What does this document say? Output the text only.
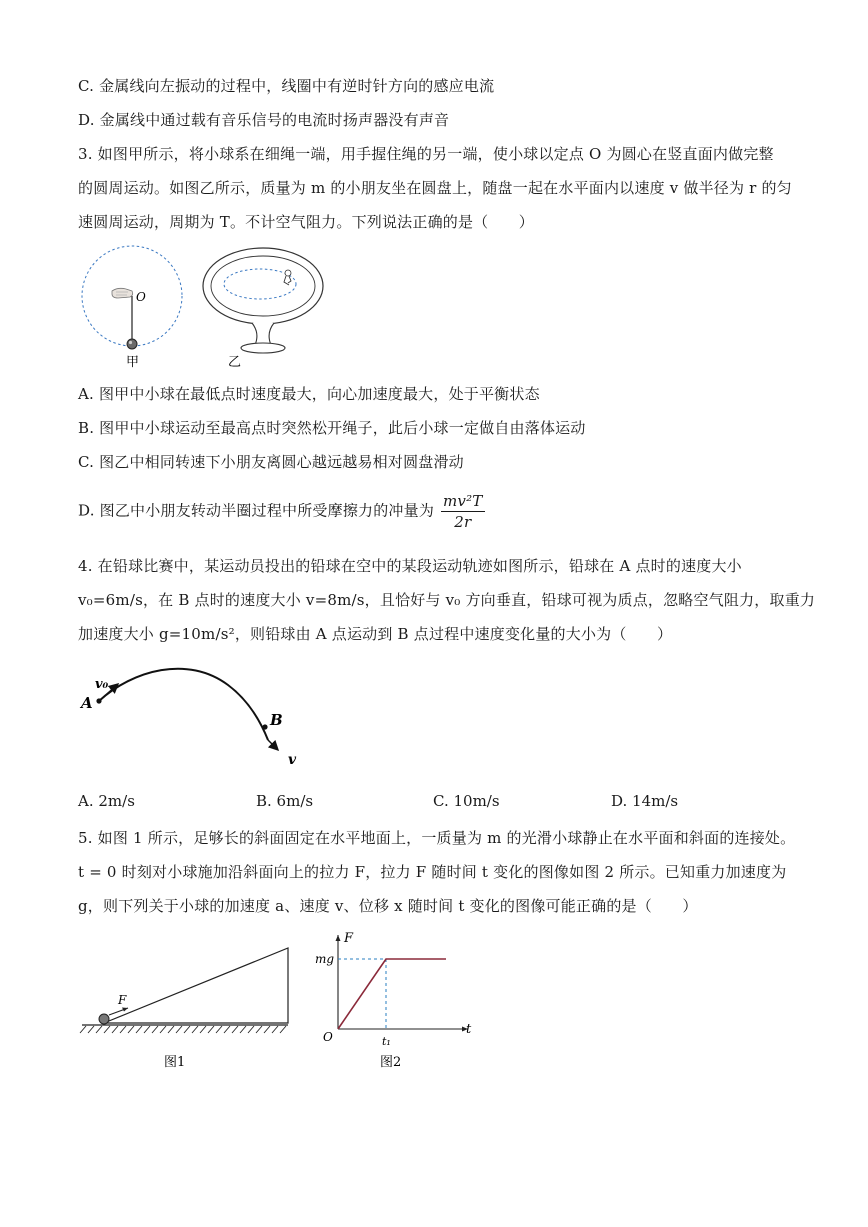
C. 金属线向左振动的过程中，线圈中有逆时针方向的感应电流
D. 金属线中通过载有音乐信号的电流时扬声器没有声音
3. 如图甲所示，将小球系在细绳一端，用手握住绳的另一端，使小球以定点 O 为圆心在竖直面内做完整
的圆周运动。如图乙所示，质量为 m 的小朋友坐在圆盘上，随盘一起在水平面内以速度 v 做半径为 r 的匀
速圆周运动，周期为 T。不计空气阻力。下列说法正确的是（　　）
O
甲	乙
A. 图甲中小球在最低点时速度最大，向心加速度最大，处于平衡状态
B. 图甲中小球运动至最高点时突然松开绳子，此后小球一定做自由落体运动
C. 图乙中相同转速下小朋友离圆心越远越易相对圆盘滑动
D. 图乙中小朋友转动半圈过程中所受摩擦力的冲量为 $\frac{\text{mv²T}}{2r}$
4. 在铅球比赛中，某运动员投出的铅球在空中的某段运动轨迹如图所示，铅球在 A 点时的速度大小
v₀=6m/s，在 B 点时的速度大小 v=8m/s，且恰好与 v₀ 方向垂直，铅球可视为质点，忽略空气阻力，取重力
加速度大小 g=10m/s²，则铅球由 A 点运动到 B 点过程中速度变化量的大小为（　　）
A
B
v₀
v
A. 2m/s	B. 6m/s	C. 10m/s	D. 14m/s
5. 如图 1 所示，足够长的斜面固定在水平地面上，一质量为 m 的光滑小球静止在水平面和斜面的连接处。
t = 0 时刻对小球施加沿斜面向上的拉力 F，拉力 F 随时间 t 变化的图像如图 2 所示。已知重力加速度为
g，则下列关于小球的加速度 a、速度 v、位移 x 随时间 t 变化的图像可能正确的是（　　）
F
图1
F
mg
O	t₁
t
图2
